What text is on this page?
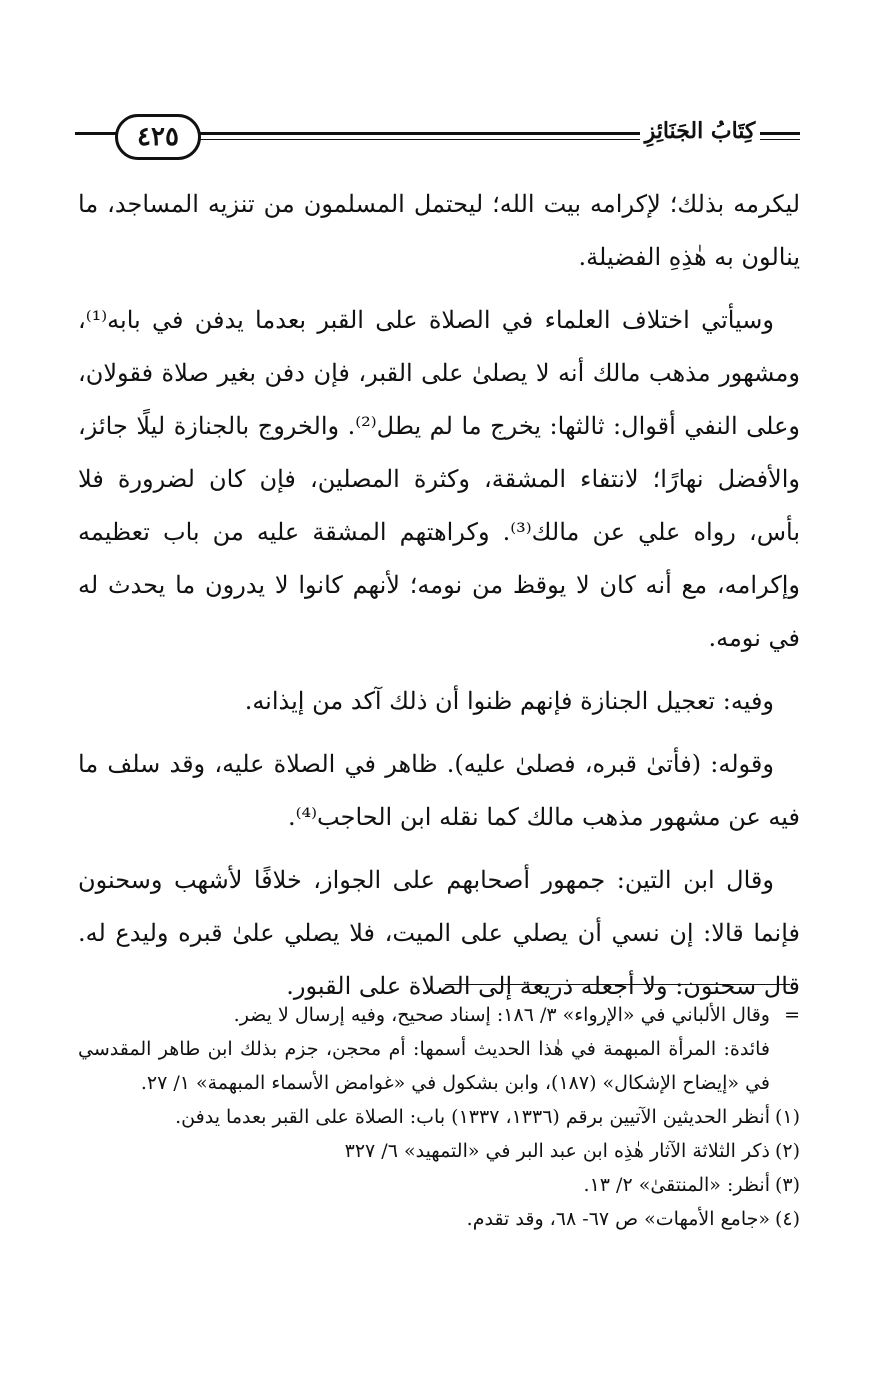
٤٢٥	كِتَابُ الجَنَائِزِ

ليكرمه بذلك؛ لإكرامه بيت الله؛ ليحتمل المسلمون من تنزيه المساجد، ما ينالون به هٰذِهِ الفضيلة.

وسيأتي اختلاف العلماء في الصلاة على القبر بعدما يدفن في بابه⁽¹⁾، ومشهور مذهب مالك أنه لا يصلىٰ على القبر، فإن دفن بغير صلاة فقولان، وعلى النفي أقوال: ثالثها: يخرج ما لم يطل⁽²⁾. والخروج بالجنازة ليلًا جائز، والأفضل نهارًا؛ لانتفاء المشقة، وكثرة المصلين، فإن كان لضرورة فلا بأس، رواه علي عن مالك⁽³⁾. وكراهتهم المشقة عليه من باب تعظيمه وإكرامه، مع أنه كان لا يوقظ من نومه؛ لأنهم كانوا لا يدرون ما يحدث له في نومه.

وفيه: تعجيل الجنازة فإنهم ظنوا أن ذلك آكد من إيذانه.

وقوله: (فأتىٰ قبره، فصلىٰ عليه). ظاهر في الصلاة عليه، وقد سلف ما فيه عن مشهور مذهب مالك كما نقله ابن الحاجب⁽⁴⁾.

وقال ابن التين: جمهور أصحابهم على الجواز، خلافًا لأشهب وسحنون فإنما قالا: إن نسي أن يصلي على الميت، فلا يصلي علىٰ قبره وليدع له. قال سحنون: ولا أجعله ذريعة إلى الصلاة على القبور.

=
وقال الألباني في «الإرواء» ٣/ ١٨٦: إسناد صحيح، وفيه إرسال لا يضر.

فائدة: المرأة المبهمة في هٰذا الحديث أسمها: أم محجن، جزم بذلك ابن طاهر المقدسي في «إيضاح الإشكال» (١٨٧)، وابن بشكول في «غوامض الأسماء المبهمة» ١/ ٢٧.

(١)
أنظر الحديثين الآتيين برقم (١٣٣٦، ١٣٣٧) باب: الصلاة على القبر بعدما يدفن.
(٢)
ذكر الثلاثة الآثار هٰذِه ابن عبد البر في «التمهيد» ٦/ ٣٢٧
(٣)
أنظر: «المنتقىٰ» ٢/ ١٣.
(٤)
«جامع الأمهات» ص ٦٧- ٦٨، وقد تقدم.
